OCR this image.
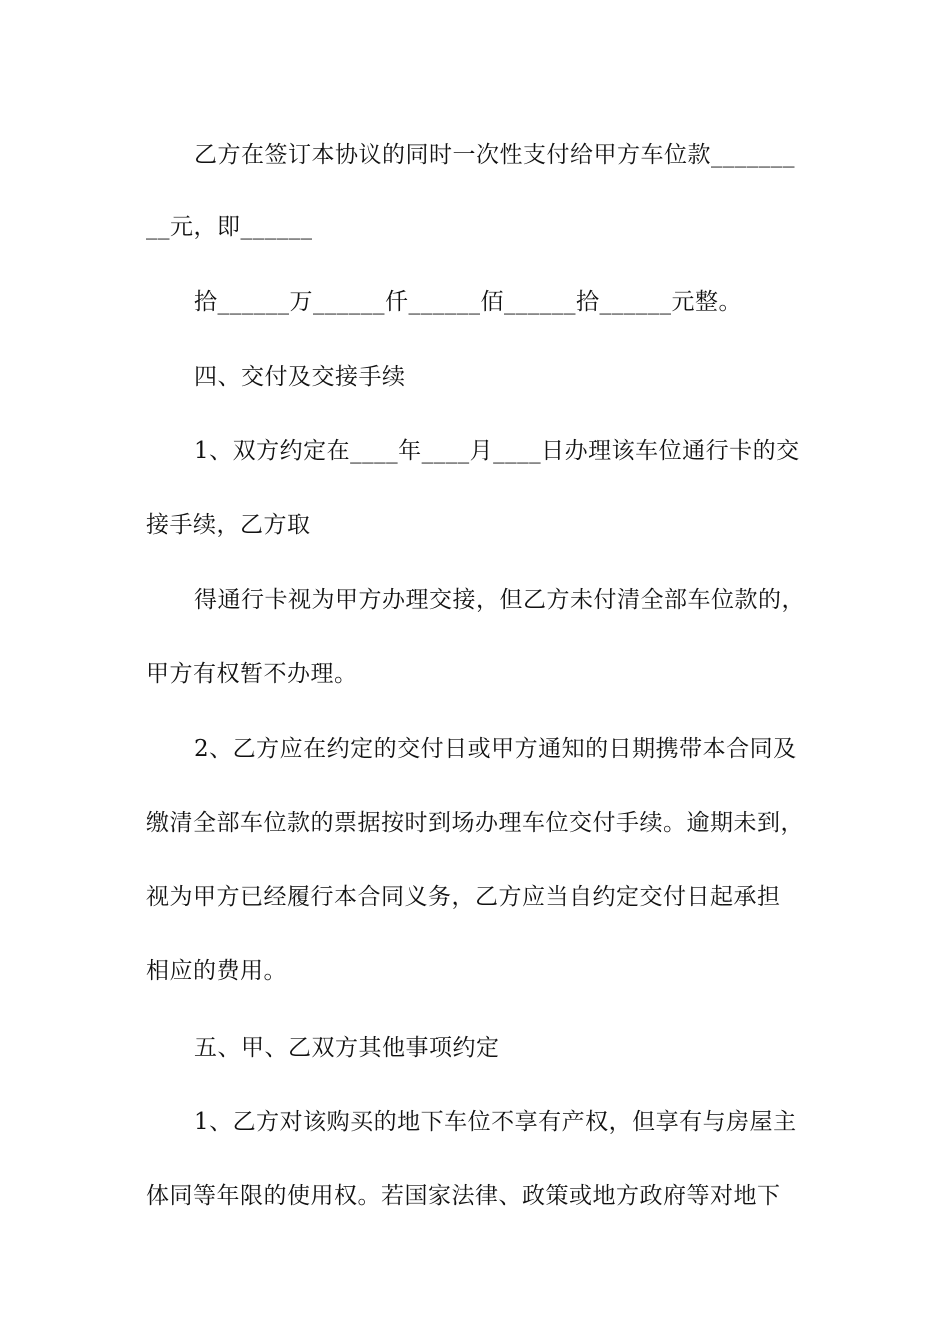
乙方在签订本协议的同时一次性支付给甲方车位款_______
__元，即______
拾______万______仟______佰______拾______元整。
四、交付及交接手续
1、双方约定在____年____月____日办理该车位通行卡的交
接手续，乙方取
得通行卡视为甲方办理交接，但乙方未付清全部车位款的，
甲方有权暂不办理。
2、乙方应在约定的交付日或甲方通知的日期携带本合同及
缴清全部车位款的票据按时到场办理车位交付手续。逾期未到，
视为甲方已经履行本合同义务，乙方应当自约定交付日起承担
相应的费用。
五、甲、乙双方其他事项约定
1、乙方对该购买的地下车位不享有产权，但享有与房屋主
体同等年限的使用权。若国家法律、政策或地方政府等对地下
